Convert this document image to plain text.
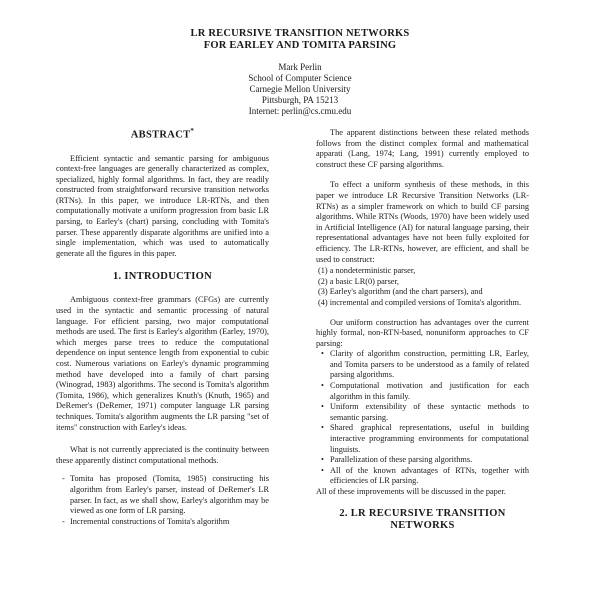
LR RECURSIVE TRANSITION NETWORKS
FOR EARLEY AND TOMITA PARSING
Mark Perlin
School of Computer Science
Carnegie Mellon University
Pittsburgh, PA 15213
Internet: perlin@cs.cmu.edu
ABSTRACT*

Efficient syntactic and semantic parsing for ambiguous context-free languages are generally characterized as complex, specialized, highly formal algorithms. In fact, they are readily constructed from straightforward recursive transition networks (RTNs). In this paper, we introduce LR-RTNs, and then computationally motivate a uniform progression from basic LR parsing, to Earley's (chart) parsing, concluding with Tomita's parser. These apparently disparate algorithms are unified into a single implementation, which was used to automatically generate all the figures in this paper.

1. INTRODUCTION

Ambiguous context-free grammars (CFGs) are currently used in the syntactic and semantic processing of natural language. For efficient parsing, two major computational methods are used. The first is Earley's algorithm (Earley, 1970), which merges parse trees to reduce the computational dependence on input sentence length from exponential to cubic cost. Numerous variations on Earley's dynamic programming method have developed into a family of chart parsing (Winograd, 1983) algorithms. The second is Tomita's algorithm (Tomita, 1986), which generalizes Knuth's (Knuth, 1965) and DeRemer's (DeRemer, 1971) computer language LR parsing techniques. Tomita's algorithm augments the LR parsing "set of items" construction with Earley's ideas.

What is not currently appreciated is the continuity between these apparently distinct computational methods.

- Tomita has proposed (Tomita, 1985) constructing his algorithm from Earley's parser, instead of DeRemer's LR parser. In fact, as we shall show, Earley's algorithm may be viewed as one form of LR parsing.
- Incremental constructions of Tomita's algorithm

The apparent distinctions between these related methods follows from the distinct complex formal and mathematical apparati (Lang, 1974; Lang, 1991) currently employed to construct these CF parsing algorithms.

To effect a uniform synthesis of these methods, in this paper we introduce LR Recursive Transition Networks (LR-RTNs) as a simpler framework on which to build CF parsing algorithms. While RTNs (Woods, 1970) have been widely used in Artificial Intelligence (AI) for natural language parsing, their representational advantages have not been fully exploited for efficiency. The LR-RTNs, however, are efficient, and shall be used to construct:

(1) a nondeterministic parser,
(2) a basic LR(0) parser,
(3) Earley's algorithm (and the chart parsers), and
(4) incremental and compiled versions of Tomita's algorithm.

Our uniform construction has advantages over the current highly formal, non-RTN-based, nonuniform approaches to CF parsing:

• Clarity of algorithm construction, permitting LR, Earley, and Tomita parsers to be understood as a family of related parsing algorithms.
• Computational motivation and justification for each algorithm in this family.
• Uniform extensibility of these syntactic methods to semantic parsing.
• Shared graphical representations, useful in building interactive programming environments for computational linguists.
• Parallelization of these parsing algorithms.
• All of the known advantages of RTNs, together with efficiencies of LR parsing.

All of these improvements will be discussed in the paper.

2. LR RECURSIVE TRANSITION
NETWORKS
